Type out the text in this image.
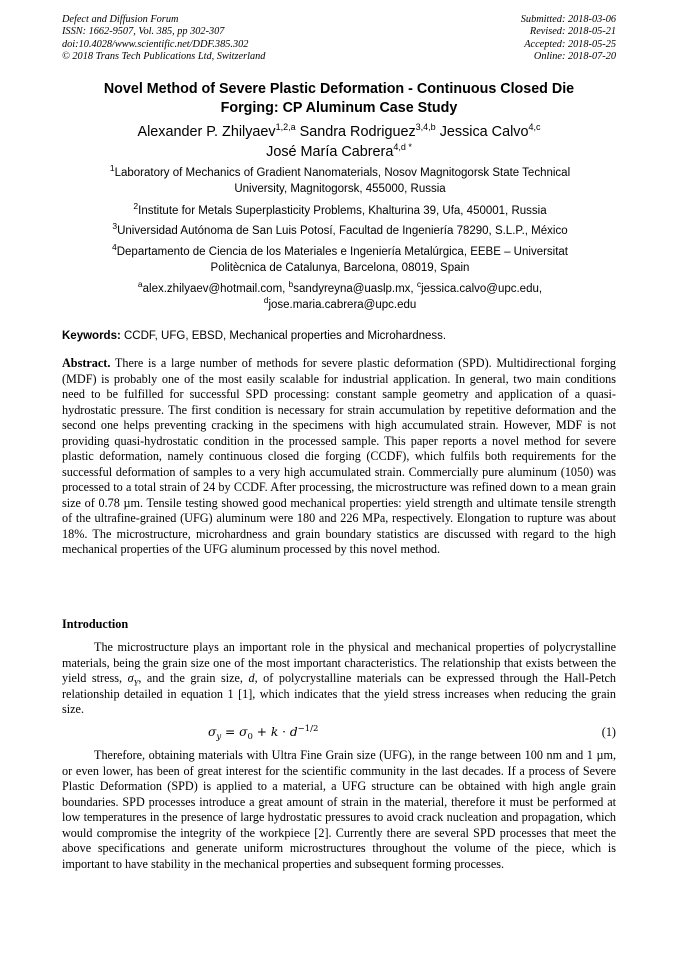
Defect and Diffusion Forum
ISSN: 1662-9507, Vol. 385, pp 302-307
doi:10.4028/www.scientific.net/DDF.385.302
© 2018 Trans Tech Publications Ltd, Switzerland
Submitted: 2018-03-06
Revised: 2018-05-21
Accepted: 2018-05-25
Online: 2018-07-20
Novel Method of Severe Plastic Deformation - Continuous Closed Die
Forging: CP Aluminum Case Study
Alexander P. Zhilyaev$^{1,2,a}$ Sandra Rodriguez$^{3,4,b}$ Jessica Calvo$^{4,c}$
José María Cabrera$^{4,d *}$
$^1$Laboratory of Mechanics of Gradient Nanomaterials, Nosov Magnitogorsk State Technical
University, Magnitogorsk, 455000, Russia
$^2$Institute for Metals Superplasticity Problems, Khalturina 39, Ufa, 450001, Russia
$^3$Universidad Autónoma de San Luis Potosí, Facultad de Ingeniería 78290, S.L.P., México
$^4$Departamento de Ciencia de los Materiales e Ingeniería Metalúrgica, EEBE – Universitat
Politècnica de Catalunya, Barcelona, 08019, Spain
$^a$alex.zhilyaev@hotmail.com, $^b$sandyreyna@uaslp.mx, $^c$jessica.calvo@upc.edu,
$^d$jose.maria.cabrera@upc.edu
Keywords: CCDF, UFG, EBSD, Mechanical properties and Microhardness.
Abstract. There is a large number of methods for severe plastic deformation (SPD). Multidirectional forging (MDF) is probably one of the most easily scalable for industrial application. In general, two main conditions need to be fulfilled for successful SPD processing: constant sample geometry and application of a quasi-hydrostatic pressure. The first condition is necessary for strain accumulation by repetitive deformation and the second one helps preventing cracking in the specimens with high accumulated strain. However, MDF is not providing quasi-hydrostatic condition in the processed sample. This paper reports a novel method for severe plastic deformation, namely continuous closed die forging (CCDF), which fulfils both requirements for the successful deformation of samples to a very high accumulated strain. Commercially pure aluminum (1050) was processed to a total strain of 24 by CCDF. After processing, the microstructure was refined down to a mean grain size of 0.78 µm. Tensile testing showed good mechanical properties: yield strength and ultimate tensile strength of the ultrafine-grained (UFG) aluminum were 180 and 226 MPa, respectively. Elongation to rupture was about 18%. The microstructure, microhardness and grain boundary statistics are discussed with regard to the high mechanical properties of the UFG aluminum processed by this novel method.
Introduction
The microstructure plays an important role in the physical and mechanical properties of polycrystalline materials, being the grain size one of the most important characteristics. The relationship that exists between the yield stress, $\sigma_Y$, and the grain size, d, of polycrystalline materials can be expressed through the Hall-Petch relationship detailed in equation 1 [1], which indicates that the yield stress increases when reducing the grain size.
$\sigma_y = \sigma_0 + k \cdot d^{-1/2}$	(1)
Therefore, obtaining materials with Ultra Fine Grain size (UFG), in the range between 100 nm and 1 µm, or even lower, has been of great interest for the scientific community in the last decades. If a process of Severe Plastic Deformation (SPD) is applied to a material, a UFG structure can be obtained with high angle grain boundaries. SPD processes introduce a great amount of strain in the material, therefore it must be performed at low temperatures in the presence of large hydrostatic pressures to avoid crack nucleation and propagation, which would compromise the integrity of the workpiece [2]. Currently there are several SPD processes that meet the above specifications and generate uniform microstructures throughout the volume of the piece, which is important to have stability in the mechanical properties and subsequent forming processes.
